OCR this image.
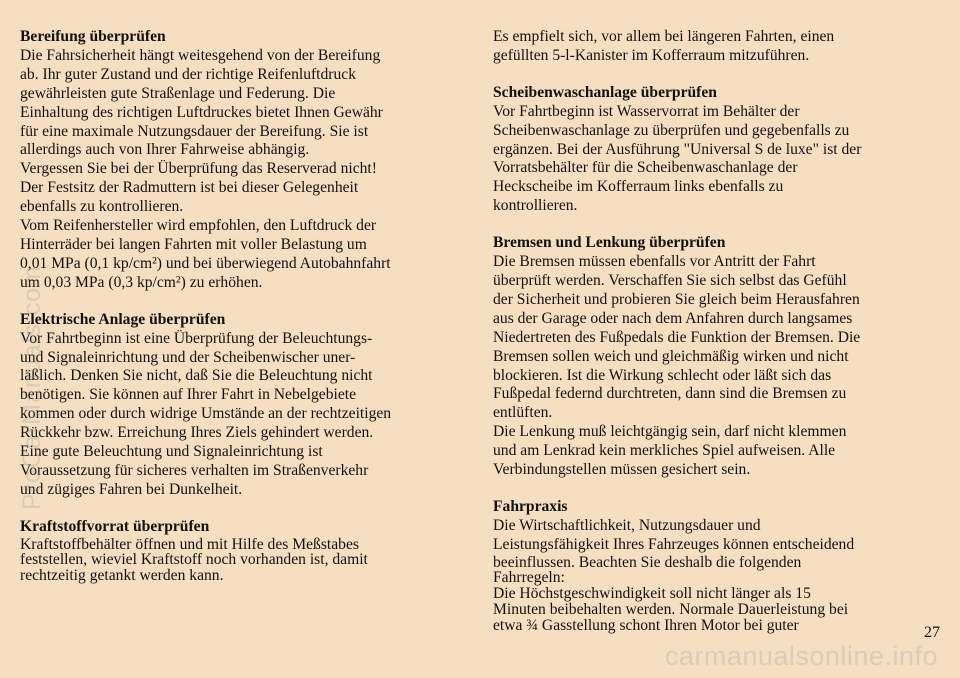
Bereifung überprüfen
Die Fahrsicherheit hängt weitesgehend von der Bereifung
ab. Ihr guter Zustand und der richtige Reifenluftdruck
gewährleisten gute Straßenlage und Federung. Die
Einhaltung des richtigen Luftdruckes bietet Ihnen Gewähr
für eine maximale Nutzungsdauer der Bereifung. Sie ist
allerdings auch von Ihrer Fahrweise abhängig.
Vergessen Sie bei der Überprüfung das Reserverad nicht!
Der Festsitz der Radmuttern ist bei dieser Gelegenheit
ebenfalls zu kontrollieren.
Vom Reifenhersteller wird empfohlen, den Luftdruck der
Hinterräder bei langen Fahrten mit voller Belastung um
0,01 MPa (0,1 kp/cm²) und bei überwiegend Autobahnfahrt
um 0,03 MPa (0,3 kp/cm²) zu erhöhen.
Elektrische Anlage überprüfen
Vor Fahrtbeginn ist eine Überprüfung der Beleuchtungs-
und Signaleinrichtung und der Scheibenwischer uner-
läßlich. Denken Sie nicht, daß Sie die Beleuchtung nicht
benötigen. Sie können auf Ihrer Fahrt in Nebelgebiete
kommen oder durch widrige Umstände an der rechtzeitigen
Rückkehr bzw. Erreichung Ihres Ziels gehindert werden.
Eine gute Beleuchtung und Signaleinrichtung ist
Voraussetzung für sicheres verhalten im Straßenverkehr
und zügiges Fahren bei Dunkelheit.
Kraftstoffvorrat überprüfen
Kraftstoffbehälter öffnen und mit Hilfe des Meßstabes
feststellen, wieviel Kraftstoff noch vorhanden ist, damit
rechtzeitig getankt werden kann.
Es empfielt sich, vor allem bei längeren Fahrten, einen
gefüllten 5-l-Kanister im Kofferraum mitzuführen.
Scheibenwaschanlage überprüfen
Vor Fahrtbeginn ist Wasservorrat im Behälter der
Scheibenwaschanlage zu überprüfen und gegebenfalls zu
ergänzen. Bei der Ausführung "Universal S de luxe" ist der
Vorratsbehälter für die Scheibenwaschanlage der
Heckscheibe im Kofferraum links ebenfalls zu
kontrollieren.
Bremsen und Lenkung überprüfen
Die Bremsen müssen ebenfalls vor Antritt der Fahrt
überprüft werden. Verschaffen Sie sich selbst das Gefühl
der Sicherheit und probieren Sie gleich beim Herausfahren
aus der Garage oder nach dem Anfahren durch langsames
Niedertreten des Fußpedals die Funktion der Bremsen. Die
Bremsen sollen weich und gleichmäßig wirken und nicht
blockieren. Ist die Wirkung schlecht oder läßt sich das
Fußpedal federnd durchtreten, dann sind die Bremsen zu
entlüften.
Die Lenkung muß leichtgängig sein, darf nicht klemmen
und am Lenkrad kein merkliches Spiel aufweisen. Alle
Verbindungstellen müssen gesichert sein.
Fahrpraxis
Die Wirtschaftlichkeit, Nutzungsdauer und
Leistungsfähigkeit Ihres Fahrzeuges können entscheidend
beeinflussen. Beachten Sie deshalb die folgenden
Fahrregeln:
Die Höchstgeschwindigkeit soll nicht länger als 15
Minuten beibehalten werden. Normale Dauerleistung bei
etwa ¾ Gasstellung schont Ihren Motor bei guter	27
ProCarManuals.com
carmanualsonline.info
